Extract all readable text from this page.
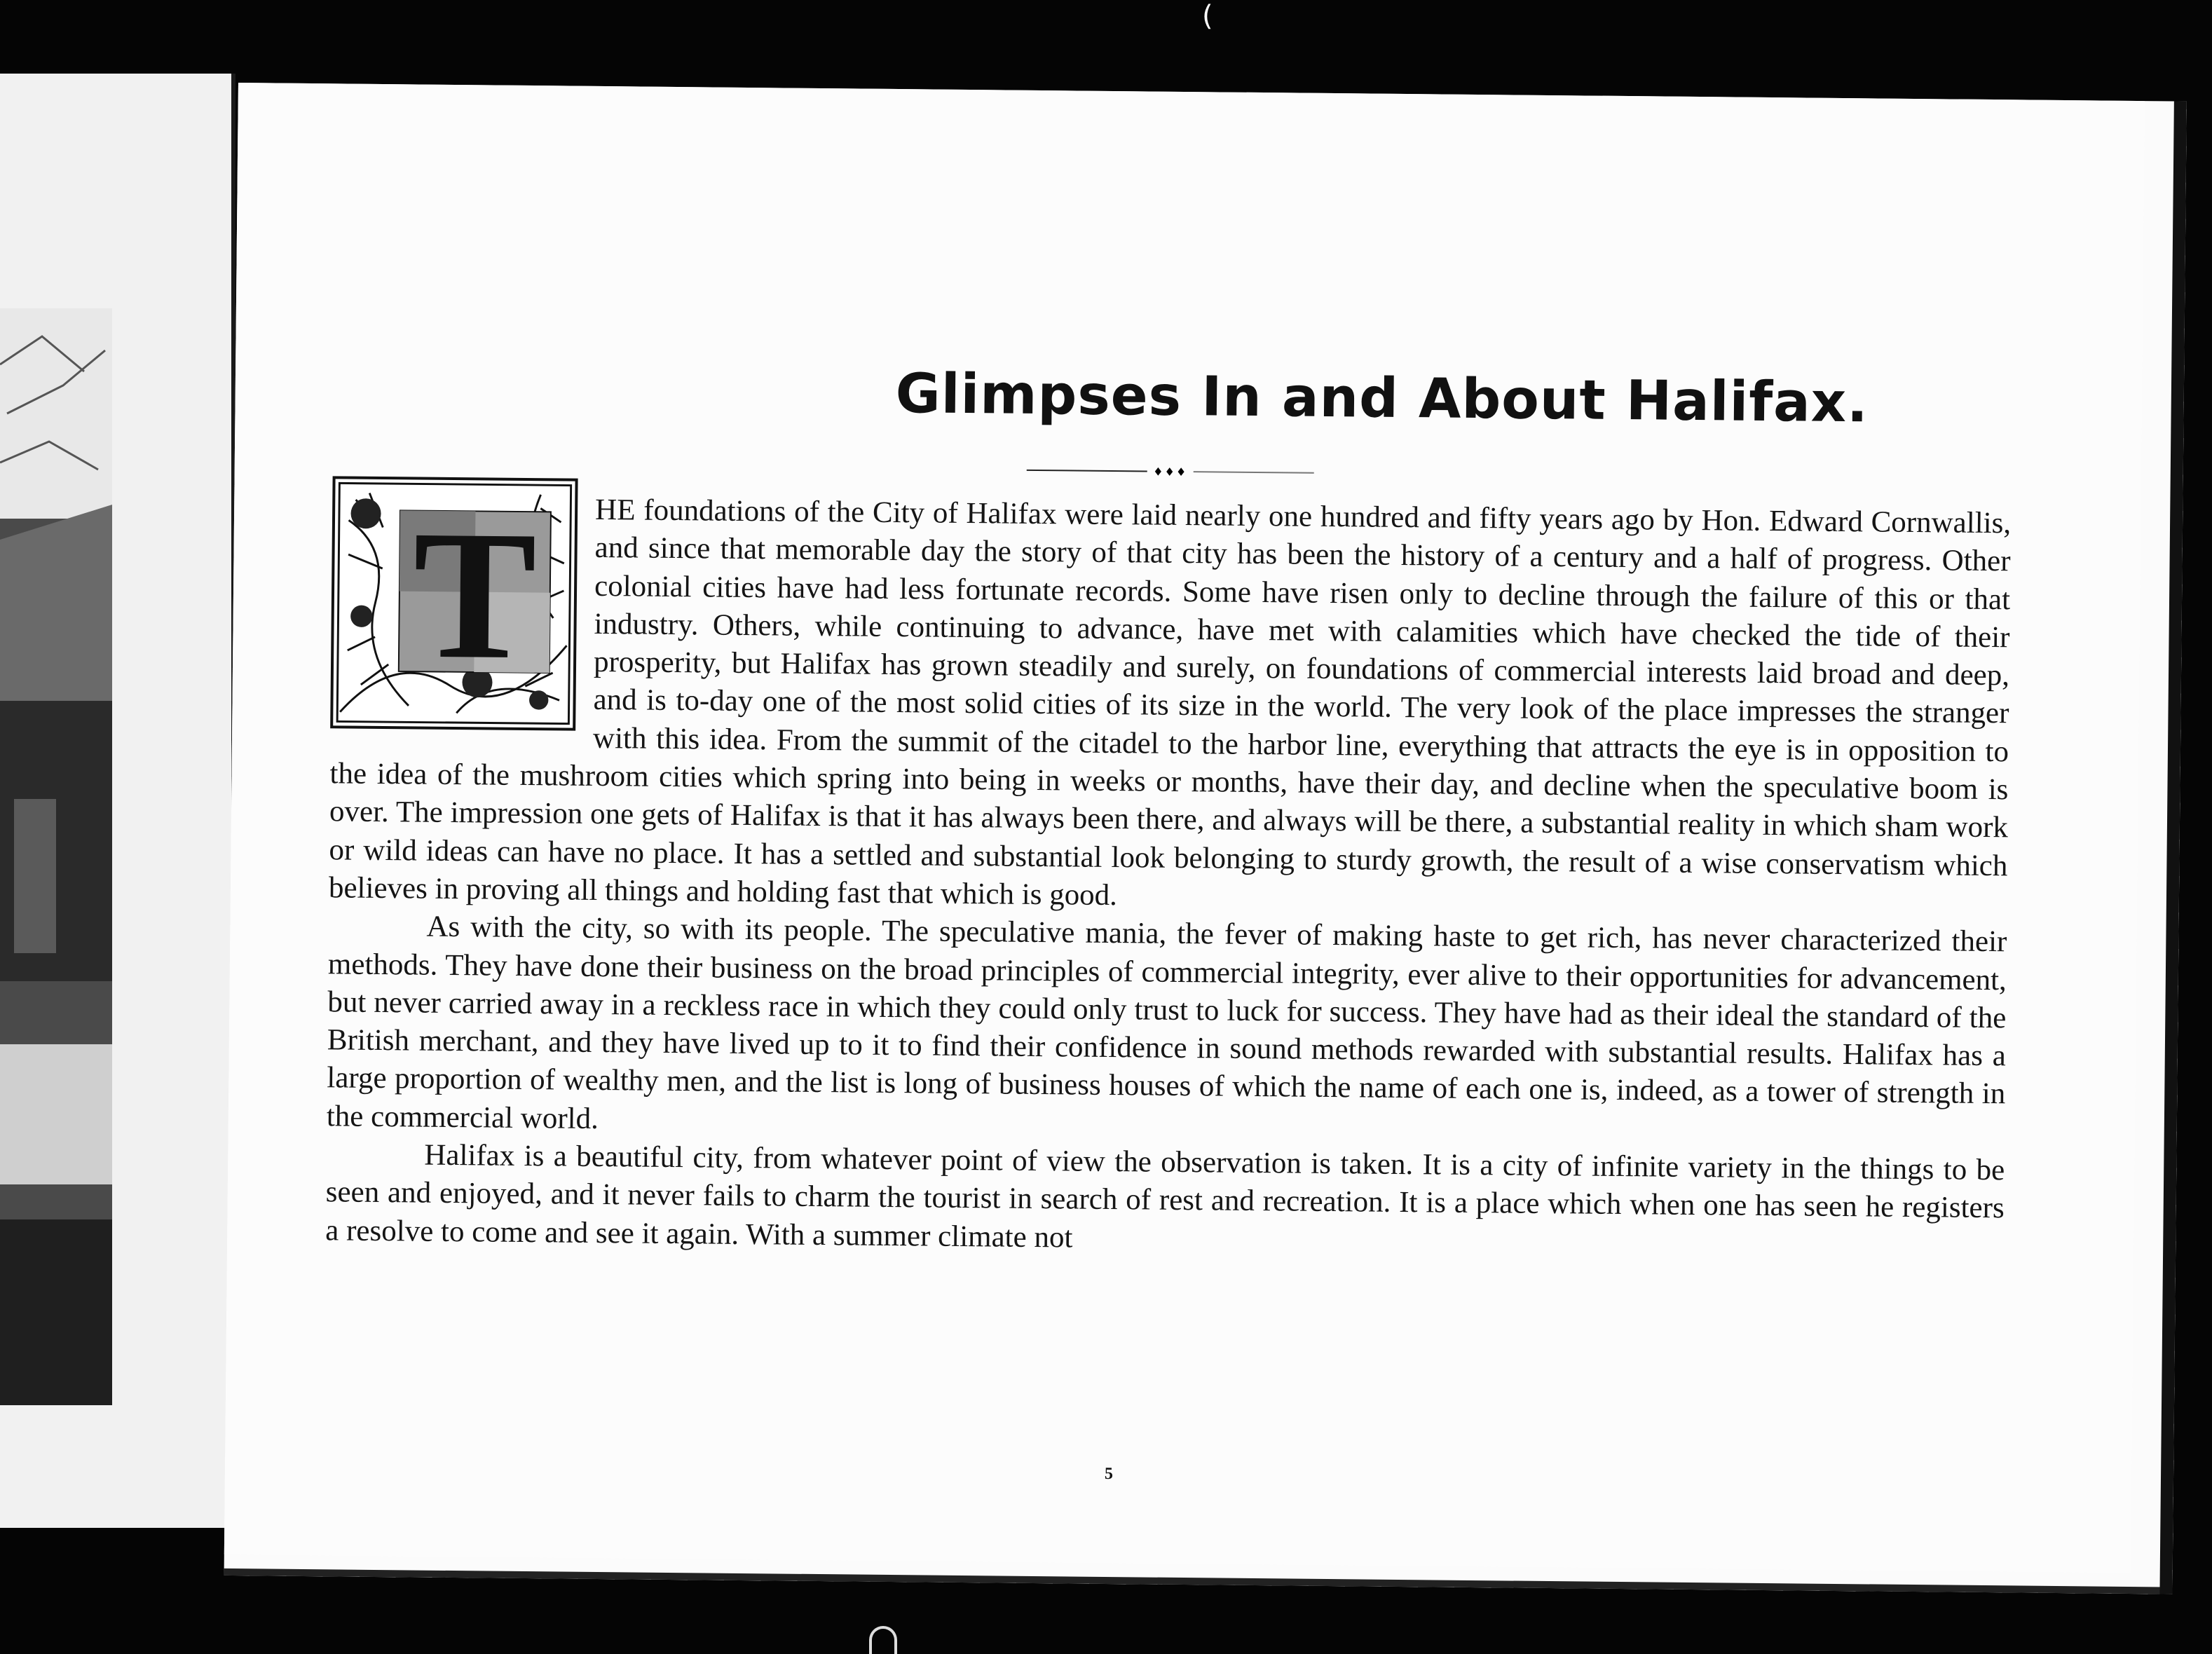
(
Glimpses In and About Halifax.
♦♦♦
T	HE foundations of the City of Halifax were laid nearly one hundred and fifty years ago by Hon. Edward Cornwallis, and since that memorable day the story of that city has been the history of a century and a half of progress. Other colonial cities have had less fortunate records. Some have risen only to decline through the failure of this or that industry. Others, while continuing to advance, have met with calamities which have checked the tide of their prosperity, but Halifax has grown steadily and surely, on foundations of commercial interests laid broad and deep, and is to-day one of the most solid cities of its size in the world. The very look of the place impresses the stranger with this idea. From the summit of the citadel to the harbor line, everything that attracts the eye is in opposition to the idea of the mushroom cities which spring into being in weeks or months, have their day, and decline when the speculative boom is over. The impression one gets of Halifax is that it has always been there, and always will be there, a substantial reality in which sham work or wild ideas can have no place. It has a settled and substantial look belonging to sturdy growth, the result of a wise conservatism which believes in proving all things and holding fast that which is good.

As with the city, so with its people. The speculative mania, the fever of making haste to get rich, has never characterized their methods. They have done their business on the broad principles of commercial integrity, ever alive to their opportunities for advancement, but never carried away in a reckless race in which they could only trust to luck for success. They have had as their ideal the standard of the British merchant, and they have lived up to it to find their confidence in sound methods rewarded with substantial results. Halifax has a large proportion of wealthy men, and the list is long of business houses of which the name of each one is, indeed, as a tower of strength in the commercial world.

Halifax is a beautiful city, from whatever point of view the observation is taken. It is a city of infinite variety in the things to be seen and enjoyed, and it never fails to charm the tourist in search of rest and recreation. It is a place which when one has seen he registers a resolve to come and see it again. With a summer climate not

5
